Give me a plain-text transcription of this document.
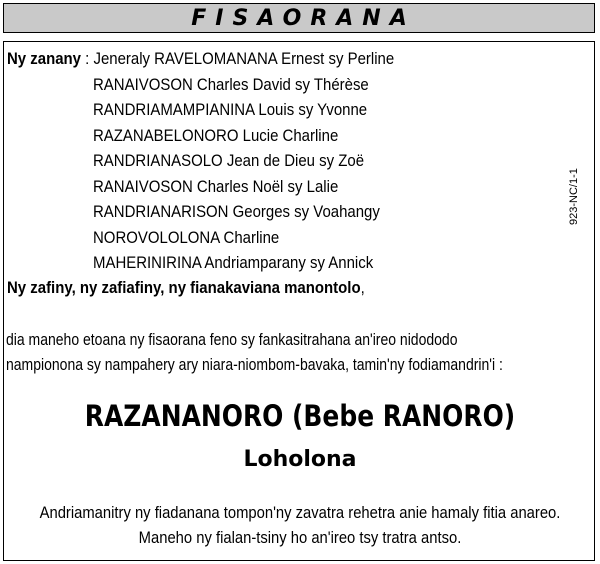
FISAORANA
Ny zanany : Jeneraly RAVELOMANANA Ernest sy Perline
RANAIVOSON Charles David sy Thérèse
RANDRIAMAMPIANINA Louis sy Yvonne
RAZANABELONORO Lucie Charline
RANDRIANASOLO Jean de Dieu sy Zoë
RANAIVOSON Charles Noël sy Lalie
RANDRIANARISON Georges sy Voahangy
NOROVOLOLONA Charline
MAHERINIRINA Andriamparany sy Annick
Ny zafiny, ny zafiafiny, ny fianakaviana manontolo,
dia maneho etoana ny fisaorana feno sy fankasitrahana an'ireo nidododo
nampionona sy nampahery ary niara-niombom-bavaka, tamin'ny fodiamandrin'i :
RAZANANORO (Bebe RANORO)
Loholona
Andriamanitry ny fiadanana tompon'ny zavatra rehetra anie hamaly fitia anareo.
Maneho ny fialan-tsiny ho an'ireo tsy tratra antso.
923-NC/1-1
